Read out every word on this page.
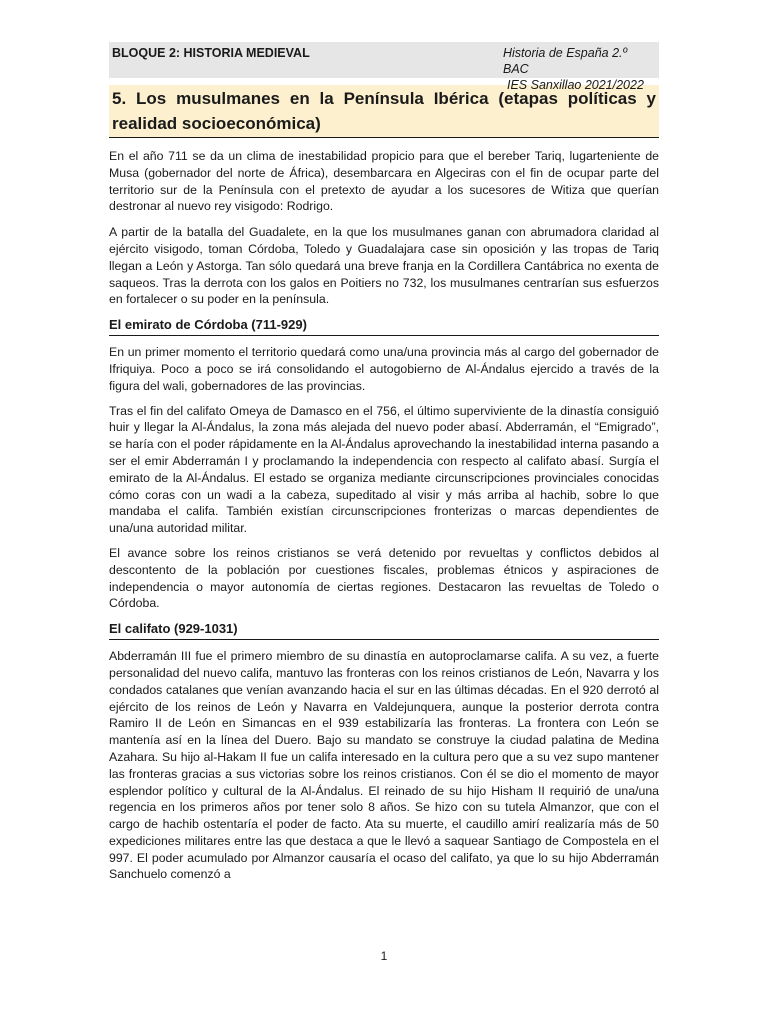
BLOQUE 2: HISTORIA MEDIEVAL	Historia de España 2.º BAC
IES Sanxillao 2021/2022
5. Los musulmanes en la Península Ibérica (etapas políticas y realidad socioeconómica)

En el año 711 se da un clima de inestabilidad propicio para que el bereber Tariq, lugarteniente de Musa (gobernador del norte de África), desembarcara en Algeciras con el fin de ocupar parte del territorio sur de la Península con el pretexto de ayudar a los sucesores de Witiza que querían destronar al nuevo rey visigodo: Rodrigo.

A partir de la batalla del Guadalete, en la que los musulmanes ganan con abrumadora claridad al ejército visigodo, toman Córdoba, Toledo y Guadalajara case sin oposición y las tropas de Tariq llegan a León y Astorga. Tan sólo quedará una breve franja en la Cordillera Cantábrica no exenta de saqueos. Tras la derrota con los galos en Poitiers no 732, los musulmanes centrarían sus esfuerzos en fortalecer o su poder en la península.

El emirato de Córdoba (711-929)

En un primer momento el territorio quedará como una/una provincia más al cargo del gobernador de Ifriquiya. Poco a poco se irá consolidando el autogobierno de Al-Ándalus ejercido a través de la figura del wali, gobernadores de las provincias.

Tras el fin del califato Omeya de Damasco en el 756, el último superviviente de la dinastía consiguió huir y llegar la Al-Ándalus, la zona más alejada del nuevo poder abasí. Abderramán, el “Emigrado”, se haría con el poder rápidamente en la Al-Ándalus aprovechando la inestabilidad interna pasando a ser el emir Abderramán I y proclamando la independencia con respecto al califato abasí. Surgía el emirato de la Al-Ándalus. El estado se organiza mediante circunscripciones provinciales conocidas cómo coras con un wadi a la cabeza, supeditado al visir y más arriba al hachib, sobre lo que mandaba el califa. También existían circunscripciones fronterizas o marcas dependientes de una/una autoridad militar.

El avance sobre los reinos cristianos se verá detenido por revueltas y conflictos debidos al descontento de la población por cuestiones fiscales, problemas étnicos y aspiraciones de independencia o mayor autonomía de ciertas regiones. Destacaron las revueltas de Toledo o Córdoba.

El califato (929-1031)

Abderramán III fue el primero miembro de su dinastía en autoproclamarse califa. A su vez, a fuerte personalidad del nuevo califa, mantuvo las fronteras con los reinos cristianos de León, Navarra y los condados catalanes que venían avanzando hacia el sur en las últimas décadas. En el 920 derrotó al ejército de los reinos de León y Navarra en Valdejunquera, aunque la posterior derrota contra Ramiro II de León en Simancas en el 939 estabilizaría las fronteras. La frontera con León se mantenía así en la línea del Duero. Bajo su mandato se construye la ciudad palatina de Medina Azahara. Su hijo al-Hakam II fue un califa interesado en la cultura pero que a su vez supo mantener las fronteras gracias a sus victorias sobre los reinos cristianos. Con él se dio el momento de mayor esplendor político y cultural de la Al-Ándalus. El reinado de su hijo Hisham II requirió de una/una regencia en los primeros años por tener solo 8 años. Se hizo con su tutela Almanzor, que con el cargo de hachib ostentaría el poder de facto. Ata su muerte, el caudillo amirí realizaría más de 50 expediciones militares entre las que destaca a que le llevó a saquear Santiago de Compostela en el 997. El poder acumulado por Almanzor causaría el ocaso del califato, ya que lo su hijo Abderramán Sanchuelo comenzó a

1
